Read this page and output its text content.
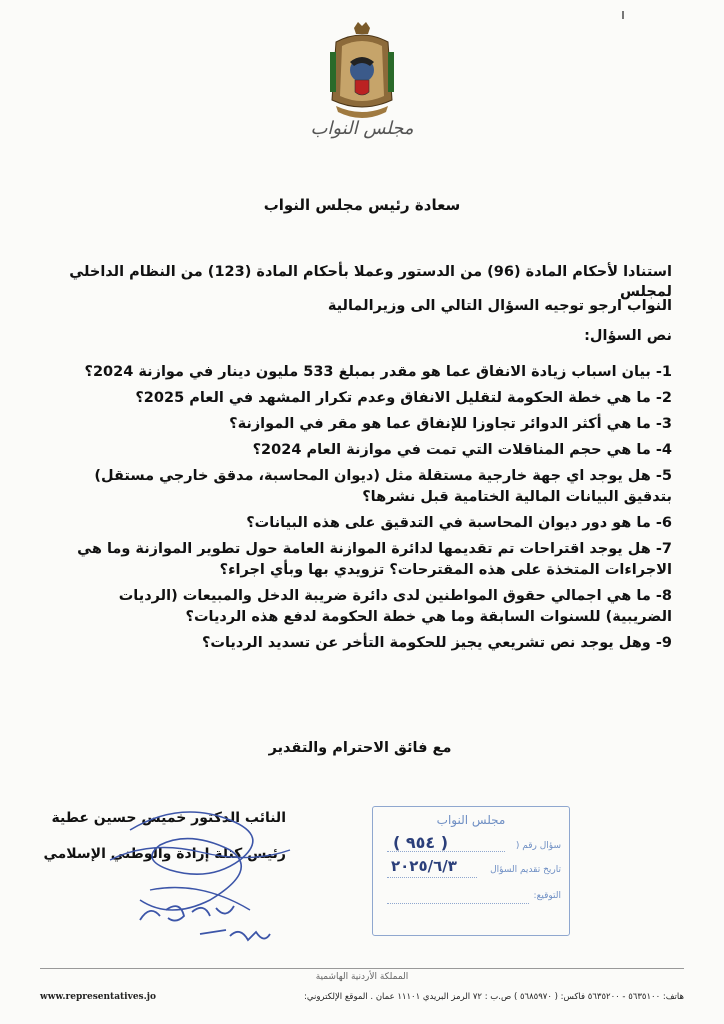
مجلس النواب
سعادة رئيس مجلس النواب
استنادا لأحكام المادة (96) من الدستور وعملا بأحكام المادة (123) من النظام الداخلي لمجلس
النواب ارجو توجيه السؤال التالي الى وزيرالمالية
نص السؤال:
1- بيان اسباب زيادة الانفاق عما هو مقدر بمبلغ 533 مليون دينار في موازنة 2024؟
2- ما هي خطة الحكومة لتقليل الانفاق وعدم تكرار المشهد في العام 2025؟
3- ما هي أكثر الدوائر تجاوزا للإنفاق عما هو مقر في الموازنة؟
4- ما هي حجم المناقلات التي تمت في موازنة العام 2024؟
5- هل يوجد اي جهة خارجية مستقلة مثل (ديوان المحاسبة، مدقق خارجي مستقل) بتدقيق البيانات المالية الختامية قبل نشرها؟
6- ما هو دور ديوان المحاسبة في التدقيق على هذه البيانات؟
7- هل يوجد اقتراحات تم تقديمها لدائرة الموازنة العامة حول تطوير الموازنة وما هي الاجراءات المتخذة على هذه المقترحات؟ تزويدي بها وبأي اجراء؟
8- ما هي اجمالي حقوق المواطنين لدى دائرة ضريبة الدخل والمبيعات (الرديات الضريبية) للسنوات السابقة وما هي خطة الحكومة لدفع هذه الرديات؟
9- وهل يوجد نص تشريعي يجيز للحكومة التأخر عن تسديد الرديات؟
مع فائق الاحترام والتقدير
النائب الدكتور خميس حسين عطية
رئيس كتلة إرادة والوطني الإسلامي
مجلس النواب
سؤال رقم (
( ٩٥٤ )
تاريخ تقديم السؤال
٢٠٢٥/٦/٣
التوقيع:
المملكة الأردنية الهاشمية
هاتف: ٥٦٣٥١٠٠ - ٥٦٣٥٢٠٠ فاكس: ( ٥٦٨٥٩٧٠ ) ص.ب : ٧٢ الرمز البريدي ١١١٠١ عمان . الموقع الإلكتروني:
www.representatives.jo
